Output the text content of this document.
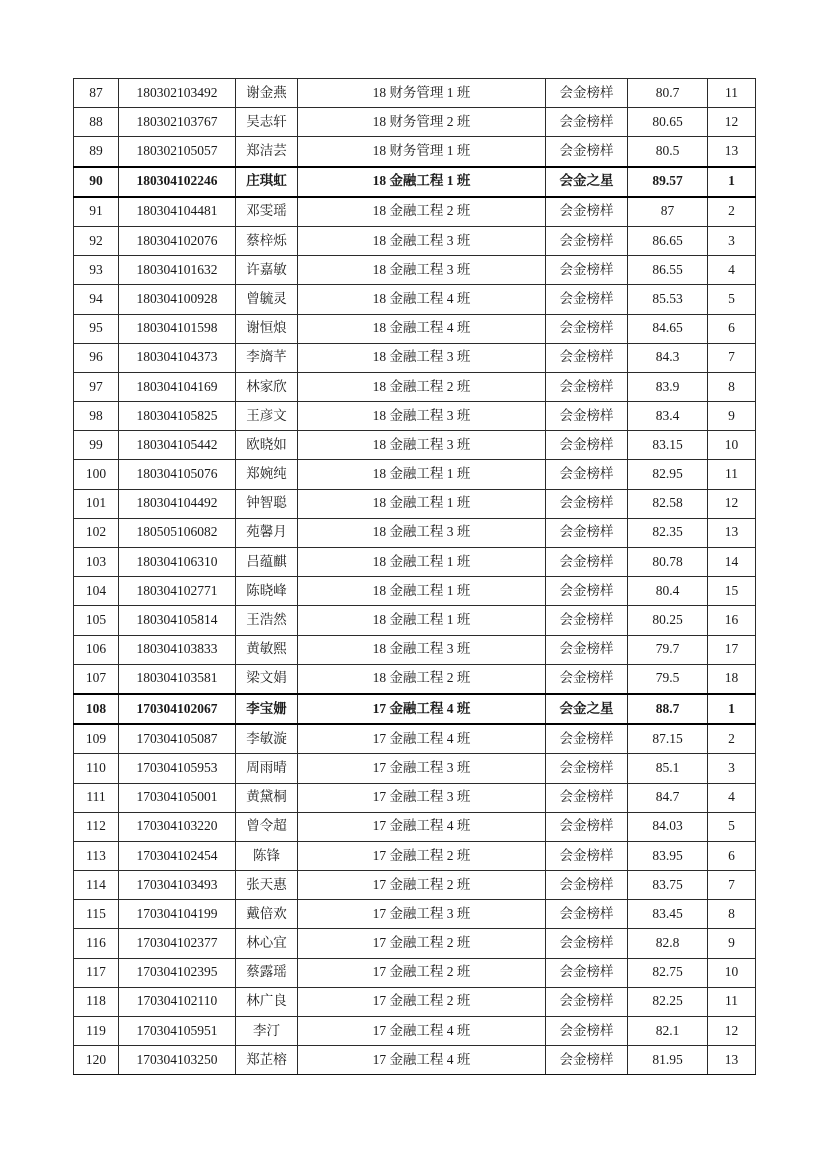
87	180302103492	谢金燕	18 财务管理 1 班	会金榜样	80.7	11
88	180302103767	吴志轩	18 财务管理 2 班	会金榜样	80.65	12
89	180302105057	郑洁芸	18 财务管理 1 班	会金榜样	80.5	13
90	180304102246	庄琪虹	18 金融工程 1 班	会金之星	89.57	1
91	180304104481	邓雯瑶	18 金融工程 2 班	会金榜样	87	2
92	180304102076	蔡梓烁	18 金融工程 3 班	会金榜样	86.65	3
93	180304101632	许嘉敏	18 金融工程 3 班	会金榜样	86.55	4
94	180304100928	曾毓灵	18 金融工程 4 班	会金榜样	85.53	5
95	180304101598	谢恒烺	18 金融工程 4 班	会金榜样	84.65	6
96	180304104373	李旖芊	18 金融工程 3 班	会金榜样	84.3	7
97	180304104169	林家欣	18 金融工程 2 班	会金榜样	83.9	8
98	180304105825	王彦文	18 金融工程 3 班	会金榜样	83.4	9
99	180304105442	欧晓如	18 金融工程 3 班	会金榜样	83.15	10
100	180304105076	郑婉纯	18 金融工程 1 班	会金榜样	82.95	11
101	180304104492	钟智聪	18 金融工程 1 班	会金榜样	82.58	12
102	180505106082	苑馨月	18 金融工程 3 班	会金榜样	82.35	13
103	180304106310	吕蕴麒	18 金融工程 1 班	会金榜样	80.78	14
104	180304102771	陈晓峰	18 金融工程 1 班	会金榜样	80.4	15
105	180304105814	王浩然	18 金融工程 1 班	会金榜样	80.25	16
106	180304103833	黄敏熙	18 金融工程 3 班	会金榜样	79.7	17
107	180304103581	梁文娟	18 金融工程 2 班	会金榜样	79.5	18
108	170304102067	李宝姗	17 金融工程 4 班	会金之星	88.7	1
109	170304105087	李敏漩	17 金融工程 4 班	会金榜样	87.15	2
110	170304105953	周雨晴	17 金融工程 3 班	会金榜样	85.1	3
111	170304105001	黄黛桐	17 金融工程 3 班	会金榜样	84.7	4
112	170304103220	曾令超	17 金融工程 4 班	会金榜样	84.03	5
113	170304102454	陈锋	17 金融工程 2 班	会金榜样	83.95	6
114	170304103493	张天惠	17 金融工程 2 班	会金榜样	83.75	7
115	170304104199	戴倍欢	17 金融工程 3 班	会金榜样	83.45	8
116	170304102377	林心宜	17 金融工程 2 班	会金榜样	82.8	9
117	170304102395	蔡露瑶	17 金融工程 2 班	会金榜样	82.75	10
118	170304102110	林广良	17 金融工程 2 班	会金榜样	82.25	11
119	170304105951	李汀	17 金融工程 4 班	会金榜样	82.1	12
120	170304103250	郑芷榕	17 金融工程 4 班	会金榜样	81.95	13
